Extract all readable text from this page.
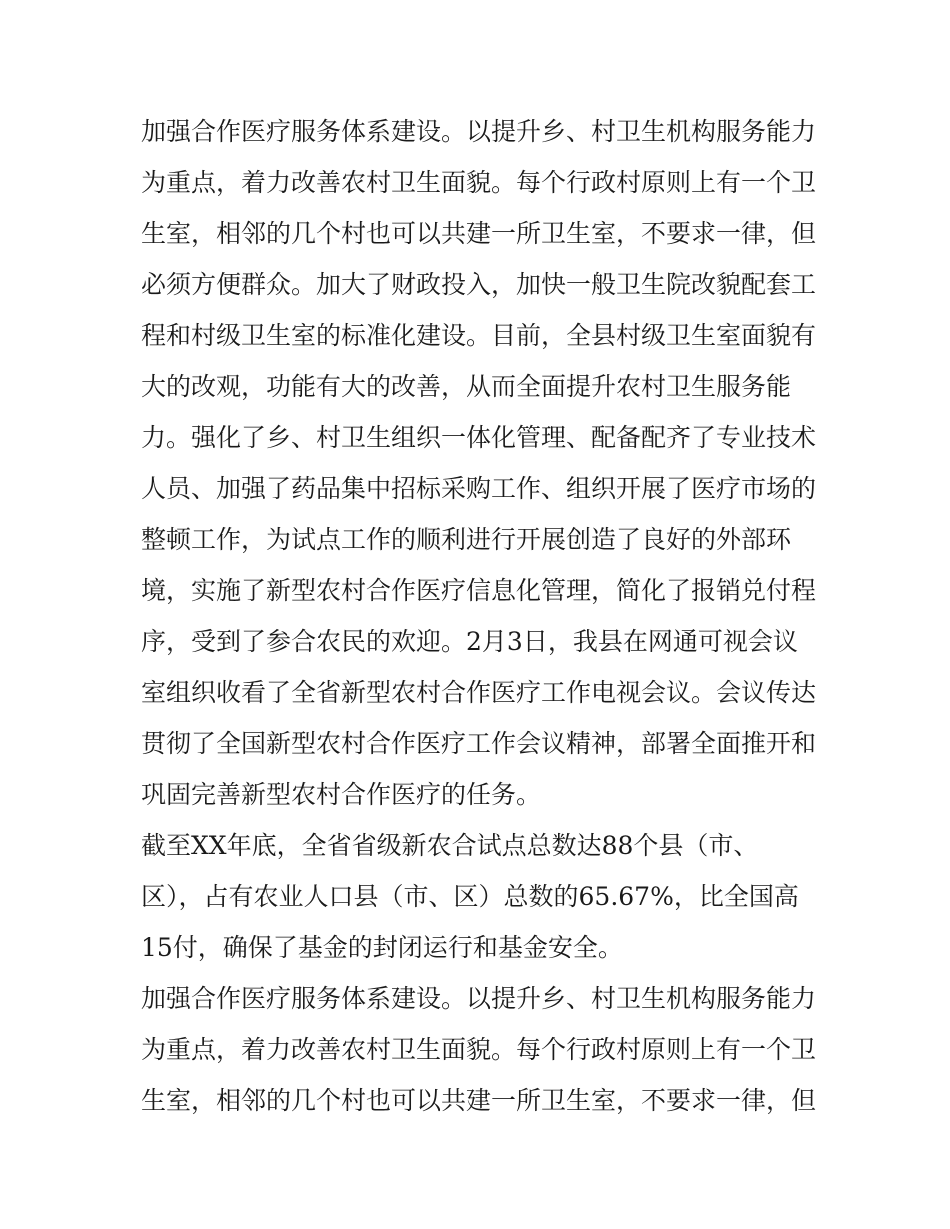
加强合作医疗服务体系建设。以提升乡、村卫生机构服务能力
为重点，着力改善农村卫生面貌。每个行政村原则上有一个卫
生室，相邻的几个村也可以共建一所卫生室，不要求一律，但
必须方便群众。加大了财政投入，加快一般卫生院改貌配套工
程和村级卫生室的标准化建设。目前，全县村级卫生室面貌有
大的改观，功能有大的改善，从而全面提升农村卫生服务能
力。强化了乡、村卫生组织一体化管理、配备配齐了专业技术
人员、加强了药品集中招标采购工作、组织开展了医疗市场的
整顿工作，为试点工作的顺利进行开展创造了良好的外部环
境，实施了新型农村合作医疗信息化管理，简化了报销兑付程
序，受到了参合农民的欢迎。2月3日，我县在网通可视会议
室组织收看了全省新型农村合作医疗工作电视会议。会议传达
贯彻了全国新型农村合作医疗工作会议精神，部署全面推开和
巩固完善新型农村合作医疗的任务。
截至XX年底，全省省级新农合试点总数达88个县（市、
区），占有农业人口县（市、区）总数的65.67%，比全国高
15付，确保了基金的封闭运行和基金安全。
加强合作医疗服务体系建设。以提升乡、村卫生机构服务能力
为重点，着力改善农村卫生面貌。每个行政村原则上有一个卫
生室，相邻的几个村也可以共建一所卫生室，不要求一律，但
